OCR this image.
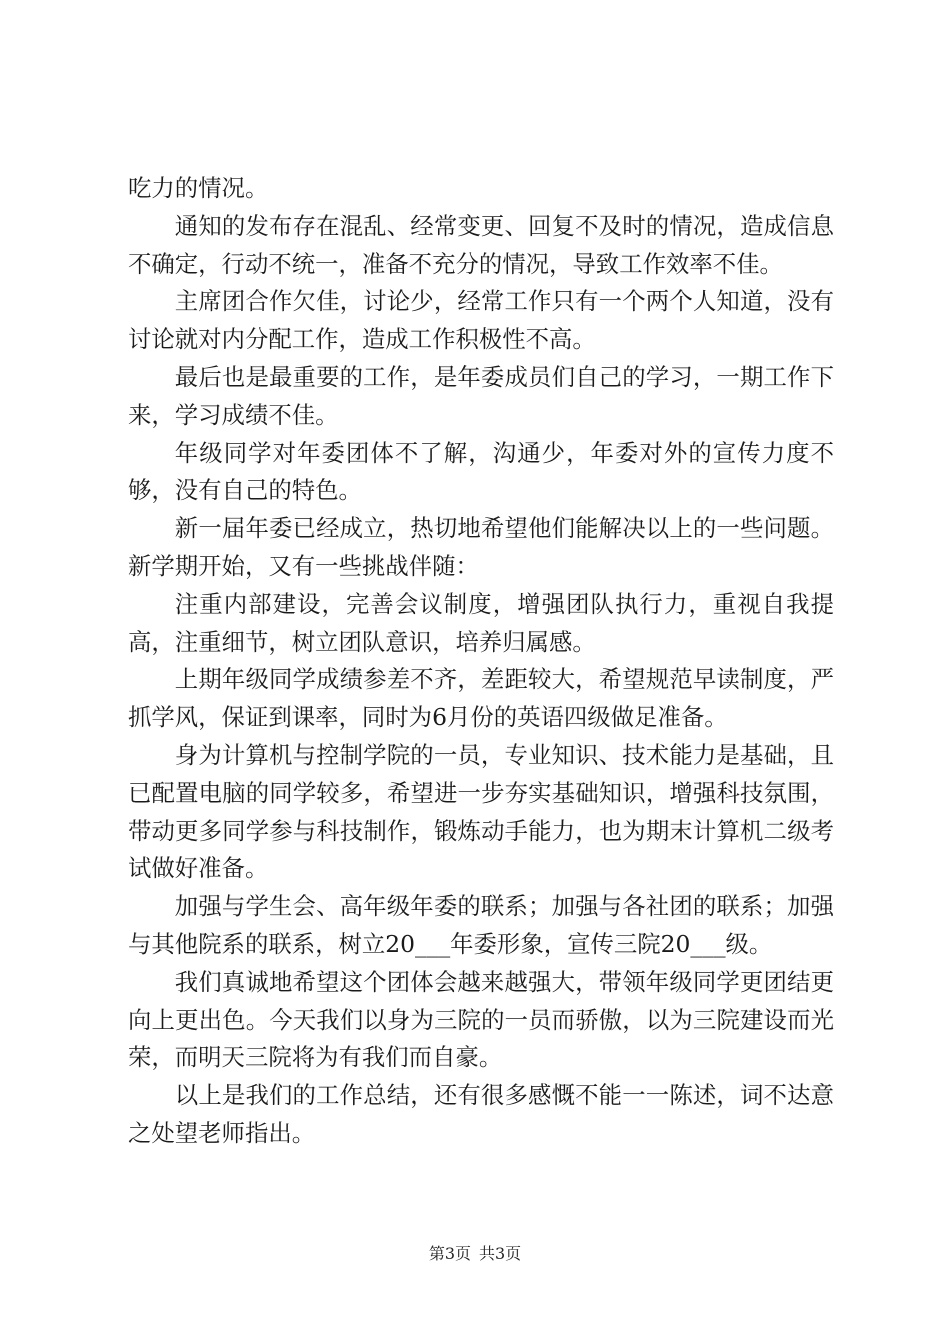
吃力的情况。

通知的发布存在混乱、经常变更、回复不及时的情况，造成信息不确定，行动不统一，准备不充分的情况，导致工作效率不佳。

主席团合作欠佳，讨论少，经常工作只有一个两个人知道，没有讨论就对内分配工作，造成工作积极性不高。

最后也是最重要的工作，是年委成员们自己的学习，一期工作下来，学习成绩不佳。

年级同学对年委团体不了解，沟通少，年委对外的宣传力度不够，没有自己的特色。

新一届年委已经成立，热切地希望他们能解决以上的一些问题。新学期开始，又有一些挑战伴随：

注重内部建设，完善会议制度，增强团队执行力，重视自我提高，注重细节，树立团队意识，培养归属感。

上期年级同学成绩参差不齐，差距较大，希望规范早读制度，严抓学风，保证到课率，同时为6月份的英语四级做足准备。

身为计算机与控制学院的一员，专业知识、技术能力是基础，且已配置电脑的同学较多，希望进一步夯实基础知识，增强科技氛围，带动更多同学参与科技制作，锻炼动手能力，也为期末计算机二级考试做好准备。

加强与学生会、高年级年委的联系；加强与各社团的联系；加强与其他院系的联系，树立20___年委形象，宣传三院20___级。

我们真诚地希望这个团体会越来越强大，带领年级同学更团结更向上更出色。今天我们以身为三院的一员而骄傲，以为三院建设而光荣，而明天三院将为有我们而自豪。

以上是我们的工作总结，还有很多感慨不能一一陈述，词不达意之处望老师指出。

第3页 共3页
